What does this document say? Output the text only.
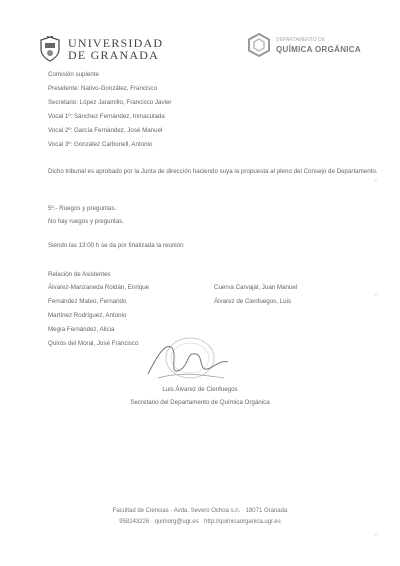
UNIVERSIDAD
DE GRANADA
DEPARTAMENTO DE
QUÍMICA ORGÁNICA
Comisión suplente
Presidente: Nativo-González, Francisco
Secretario: López Jaramillo, Francisco Javier
Vocal 1º: Sánchez Fernández, Inmaculada
Vocal 2º: García Fernández, José Manuel
Vocal 3º: González Carbonell, Antonio
Dicho tribunal es aprobado por la Junta de dirección haciendo suya la propuesta al pleno del Consejo de Departamento.
5º.- Ruegos y preguntas.
No hay ruegos y preguntas.
Siendo las 13:00 h se da por finalizada la reunión
Relación de Asistentes
Álvarez-Manzaneda Roldán, Enrique
Fernández Mateo, Fernando
Martínez Rodríguez, Antonio
Megía Fernández, Alicia
Quirós del Moral, José Francisco
Cuerva Carvajal, Juan Manuel
Álvarez de Cienfuegos, Luis
Luis Álvarez de Cienfuegos
Secretario del Departamento de Química Orgánica
Facultad de Ciencias · Avda. Severo Ochoa s.n. · 18071 Granada
958243226 · quimorg@ugr.es · http://quimicaorganica.ugr.es
⌐
⌐
⌐
